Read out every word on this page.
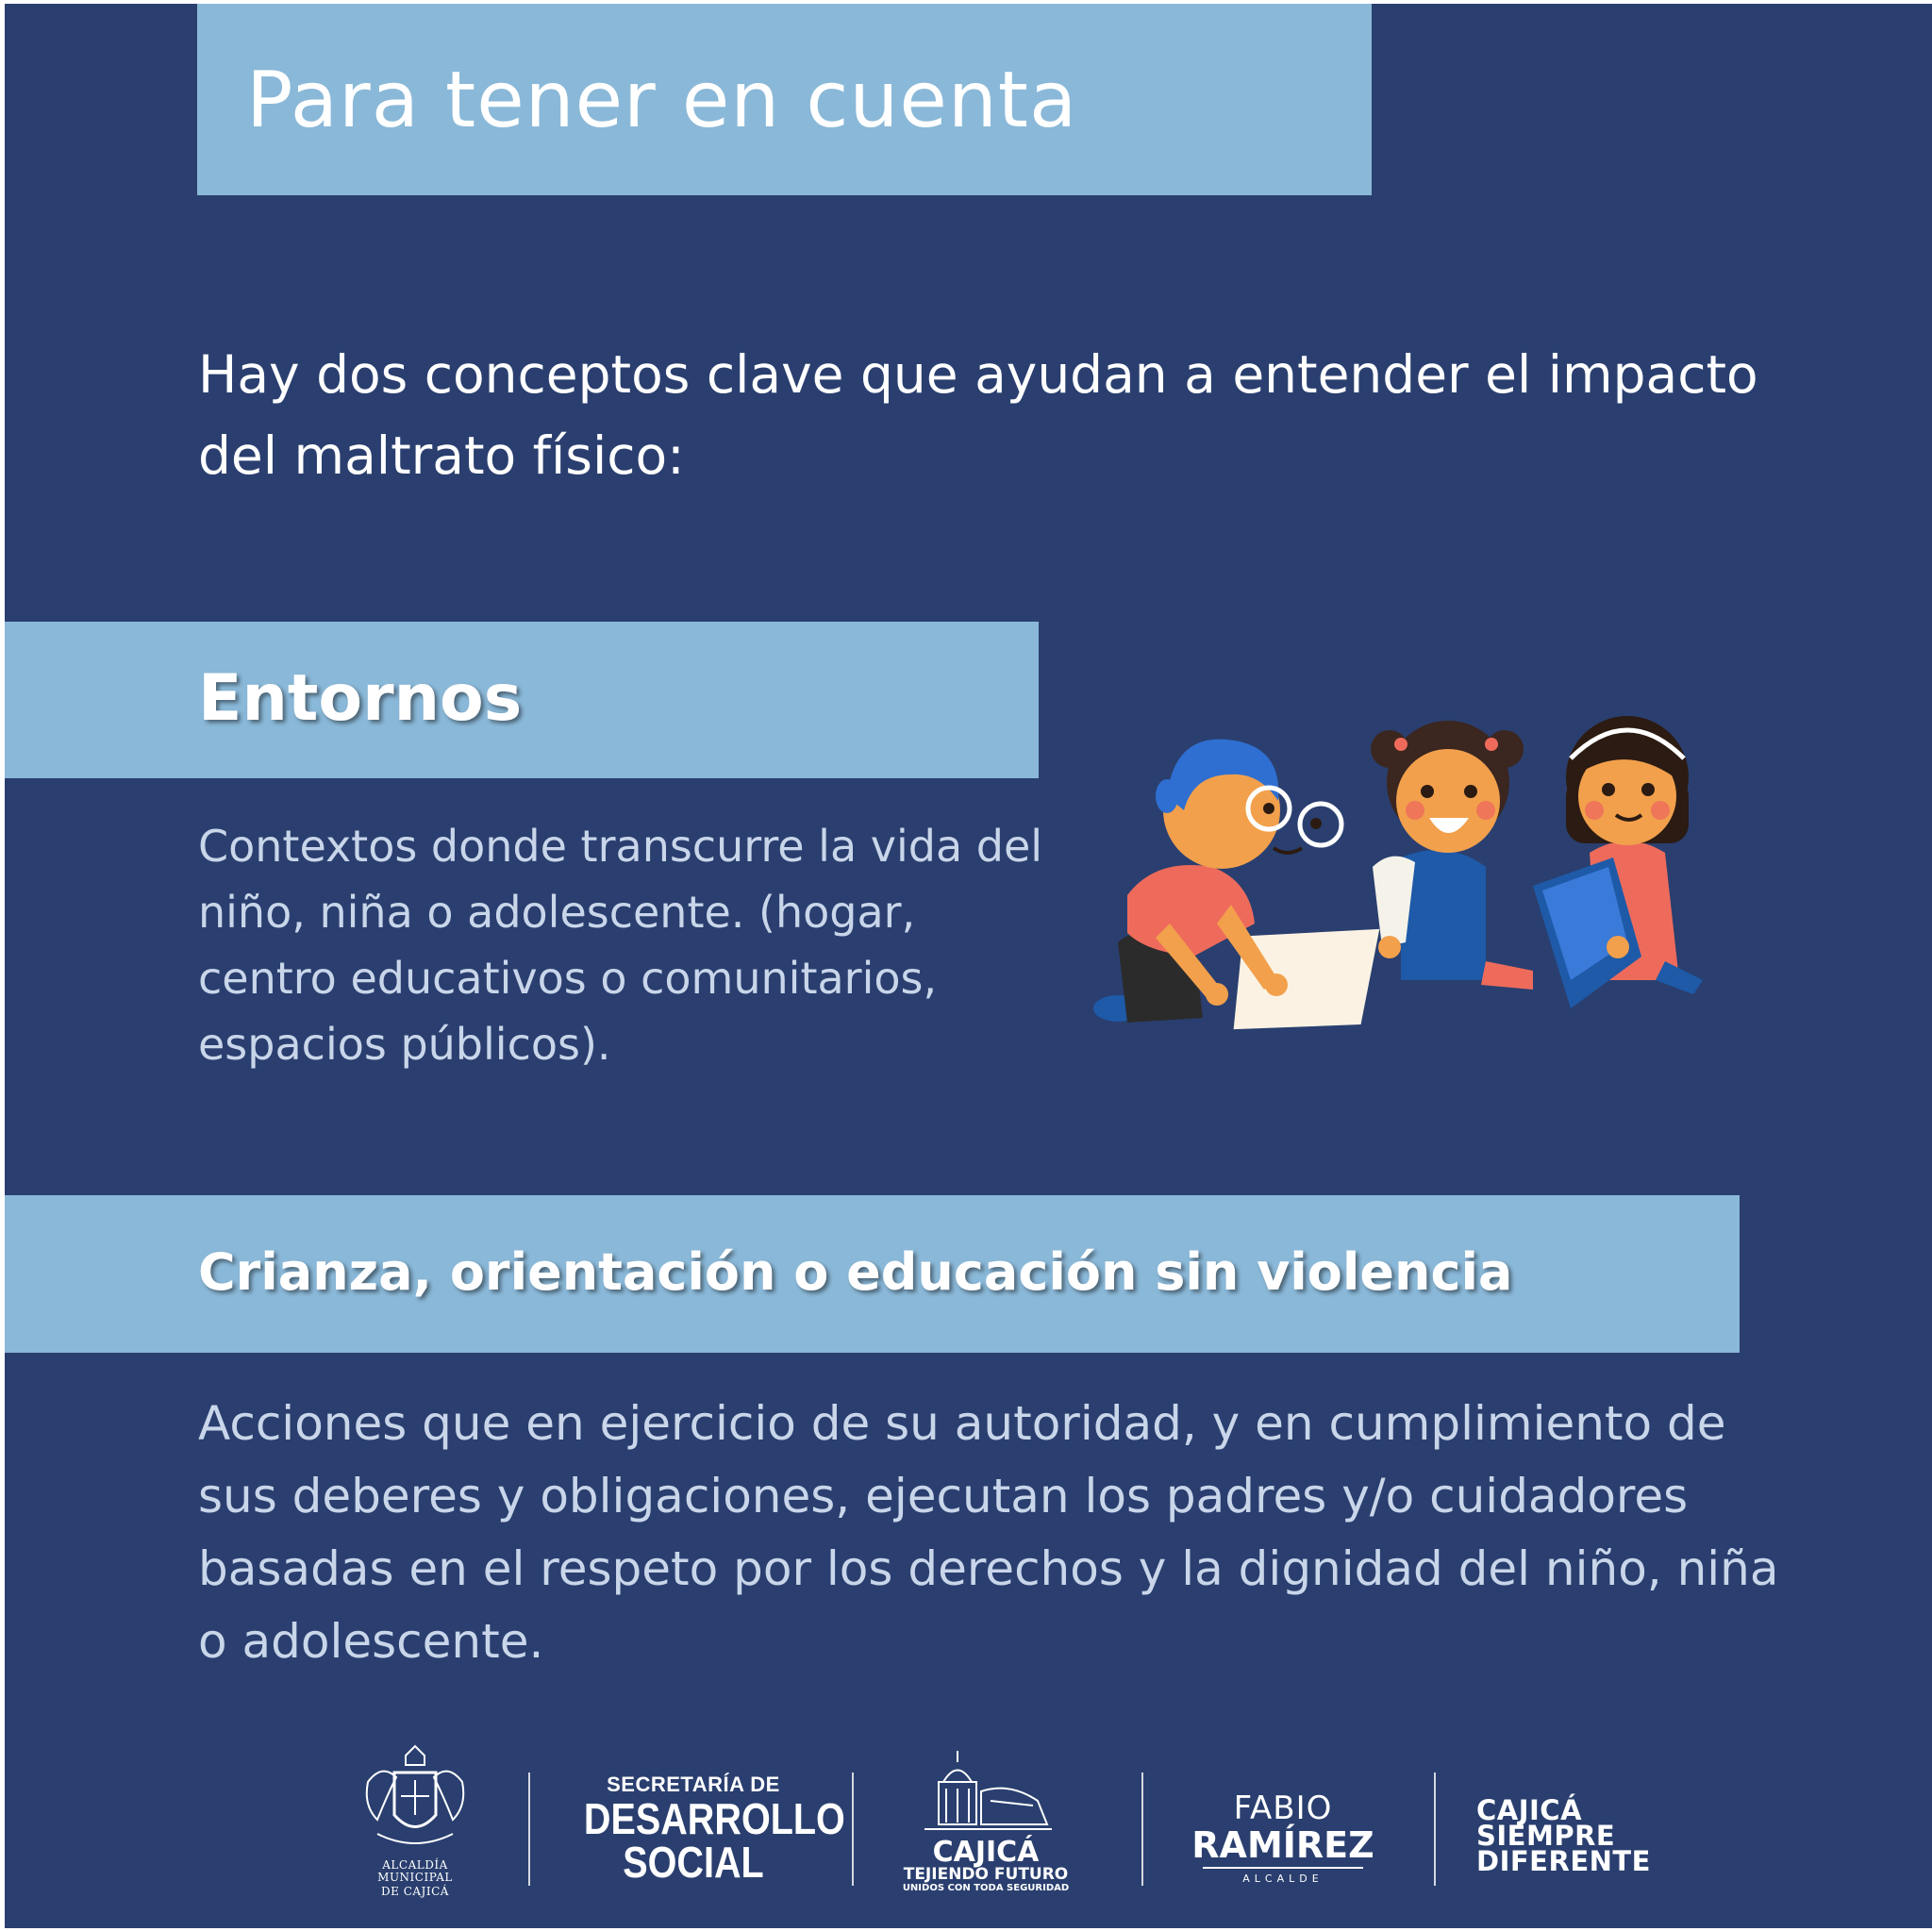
Para tener en cuenta

Hay dos conceptos clave que ayudan a entender el impacto del maltrato físico:

Entornos

Contextos donde transcurre la vida del niño, niña o adolescente. (hogar, centro educativos o comunitarios, espacios públicos).

Crianza, orientación o educación sin violencia

Acciones que en ejercicio de su autoridad, y en cumplimiento de sus deberes y obligaciones, ejecutan los padres y/o cuidadores basadas en el respeto por los derechos y la dignidad del niño, niña o adolescente.

ALCALDÍA MUNICIPAL
DE CAJICÁ
SECRETARÍA DE
DESARROLLO
SOCIAL	CAJICÁ
TEJIENDO FUTURO
UNIDOS CON TODA SEGURIDAD
FABIO
RAMÍREZ
ALCALDE
CAJICÁ
SIEMPRE
DIFERENTE
